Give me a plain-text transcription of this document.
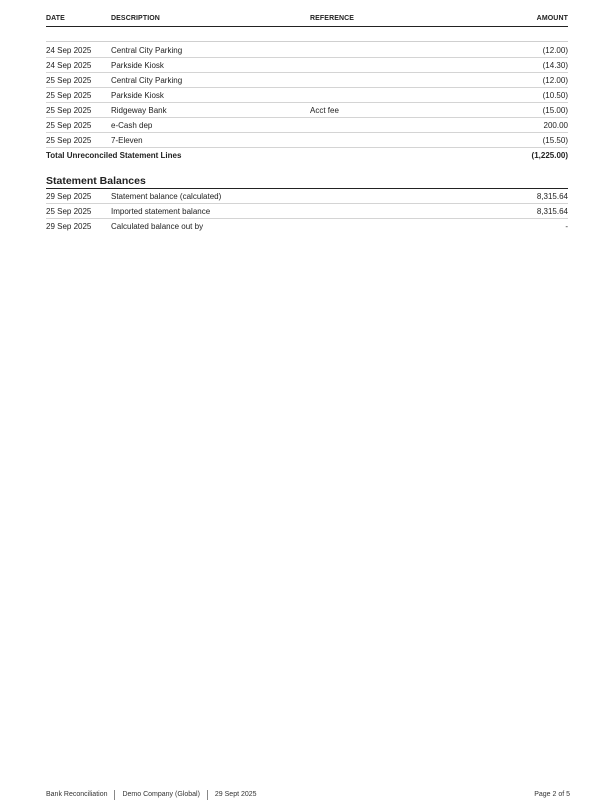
DATE	DESCRIPTION	REFERENCE	AMOUNT
24 Sep 2025 Central City Parking	(12.00)
24 Sep 2025 Parkside Kiosk	(14.30)
25 Sep 2025 Central City Parking	(12.00)
25 Sep 2025 Parkside Kiosk	(10.50)
25 Sep 2025 Ridgeway Bank	Acct fee	(15.00)
25 Sep 2025 e-Cash dep	200.00
25 Sep 2025 7-Eleven	(15.50)
Total Unreconciled Statement Lines	(1,225.00)
Statement Balances
29 Sep 2025 Statement balance (calculated)	8,315.64
25 Sep 2025 Imported statement balance	8,315.64
29 Sep 2025 Calculated balance out by	-
Bank Reconciliation Demo Company (Global) 29 Sept 2025	Page 2 of 5
